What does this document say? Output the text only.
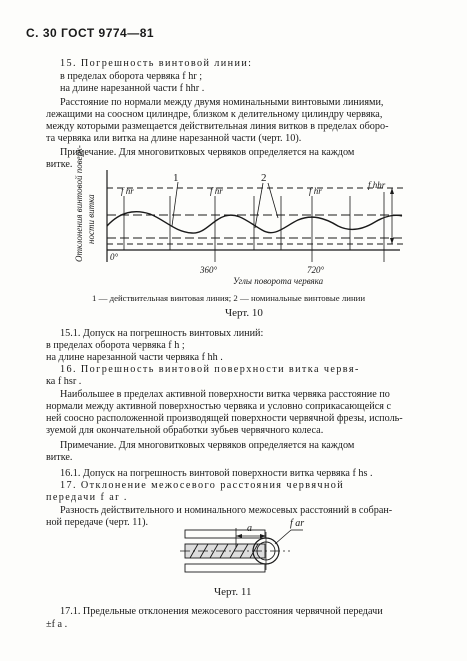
С. 30 ГОСТ 9774—81
15. Погрешность винтовой линии:
в пределах оборота червяка f hr ;
на длине нарезанной части f hhr .
Расстояние по нормали между двумя номинальными винтовыми линиями,
лежащими на соосном цилиндре, близком к делительному цилиндру червяка,
между которыми размещается действительная линия витков в пределах оборо-
та червяка или витка на длине нарезанной части (черт. 10).
Примечание. Для многовитковых червяков определяется на каждом
витке. Отклонения винтовой поверх- ности витка
f hr
1
f hr
2
f hr
f hhr
0°
360°	720°
Углы поворота червяка
1 — действительная винтовая линия; 2 — номинальные винтовые линии
Черт. 10
15.1. Допуск на погрешность винтовых линий:
в пределах оборота червяка f h ;
на длине нарезанной части червяка f hh .
16. Погрешность винтовой поверхности витка червя-
ка f hsr .
Наибольшее в пределах активной поверхности витка червяка расстояние по
нормали между активной поверхностью червяка и условно соприкасающейся с
ней соосно расположенной производящей поверхности червячной фрезы, исполь-
зуемой для окончательной обработки зубьев червячного колеса.
Примечание. Для многовитковых червяков определяется на каждом
витке.
16.1. Допуск на погрешность винтовой поверхности витка червяка f hs .
17. Отклонение межосевого расстояния червячной
передачи f ar .
Разность действительного и номинального межосевых расстояний в собран-
ной передаче (черт. 11).
a	f ar
Черт. 11
17.1. Предельные отклонения межосевого расстояния червячной передачи
±f a .
